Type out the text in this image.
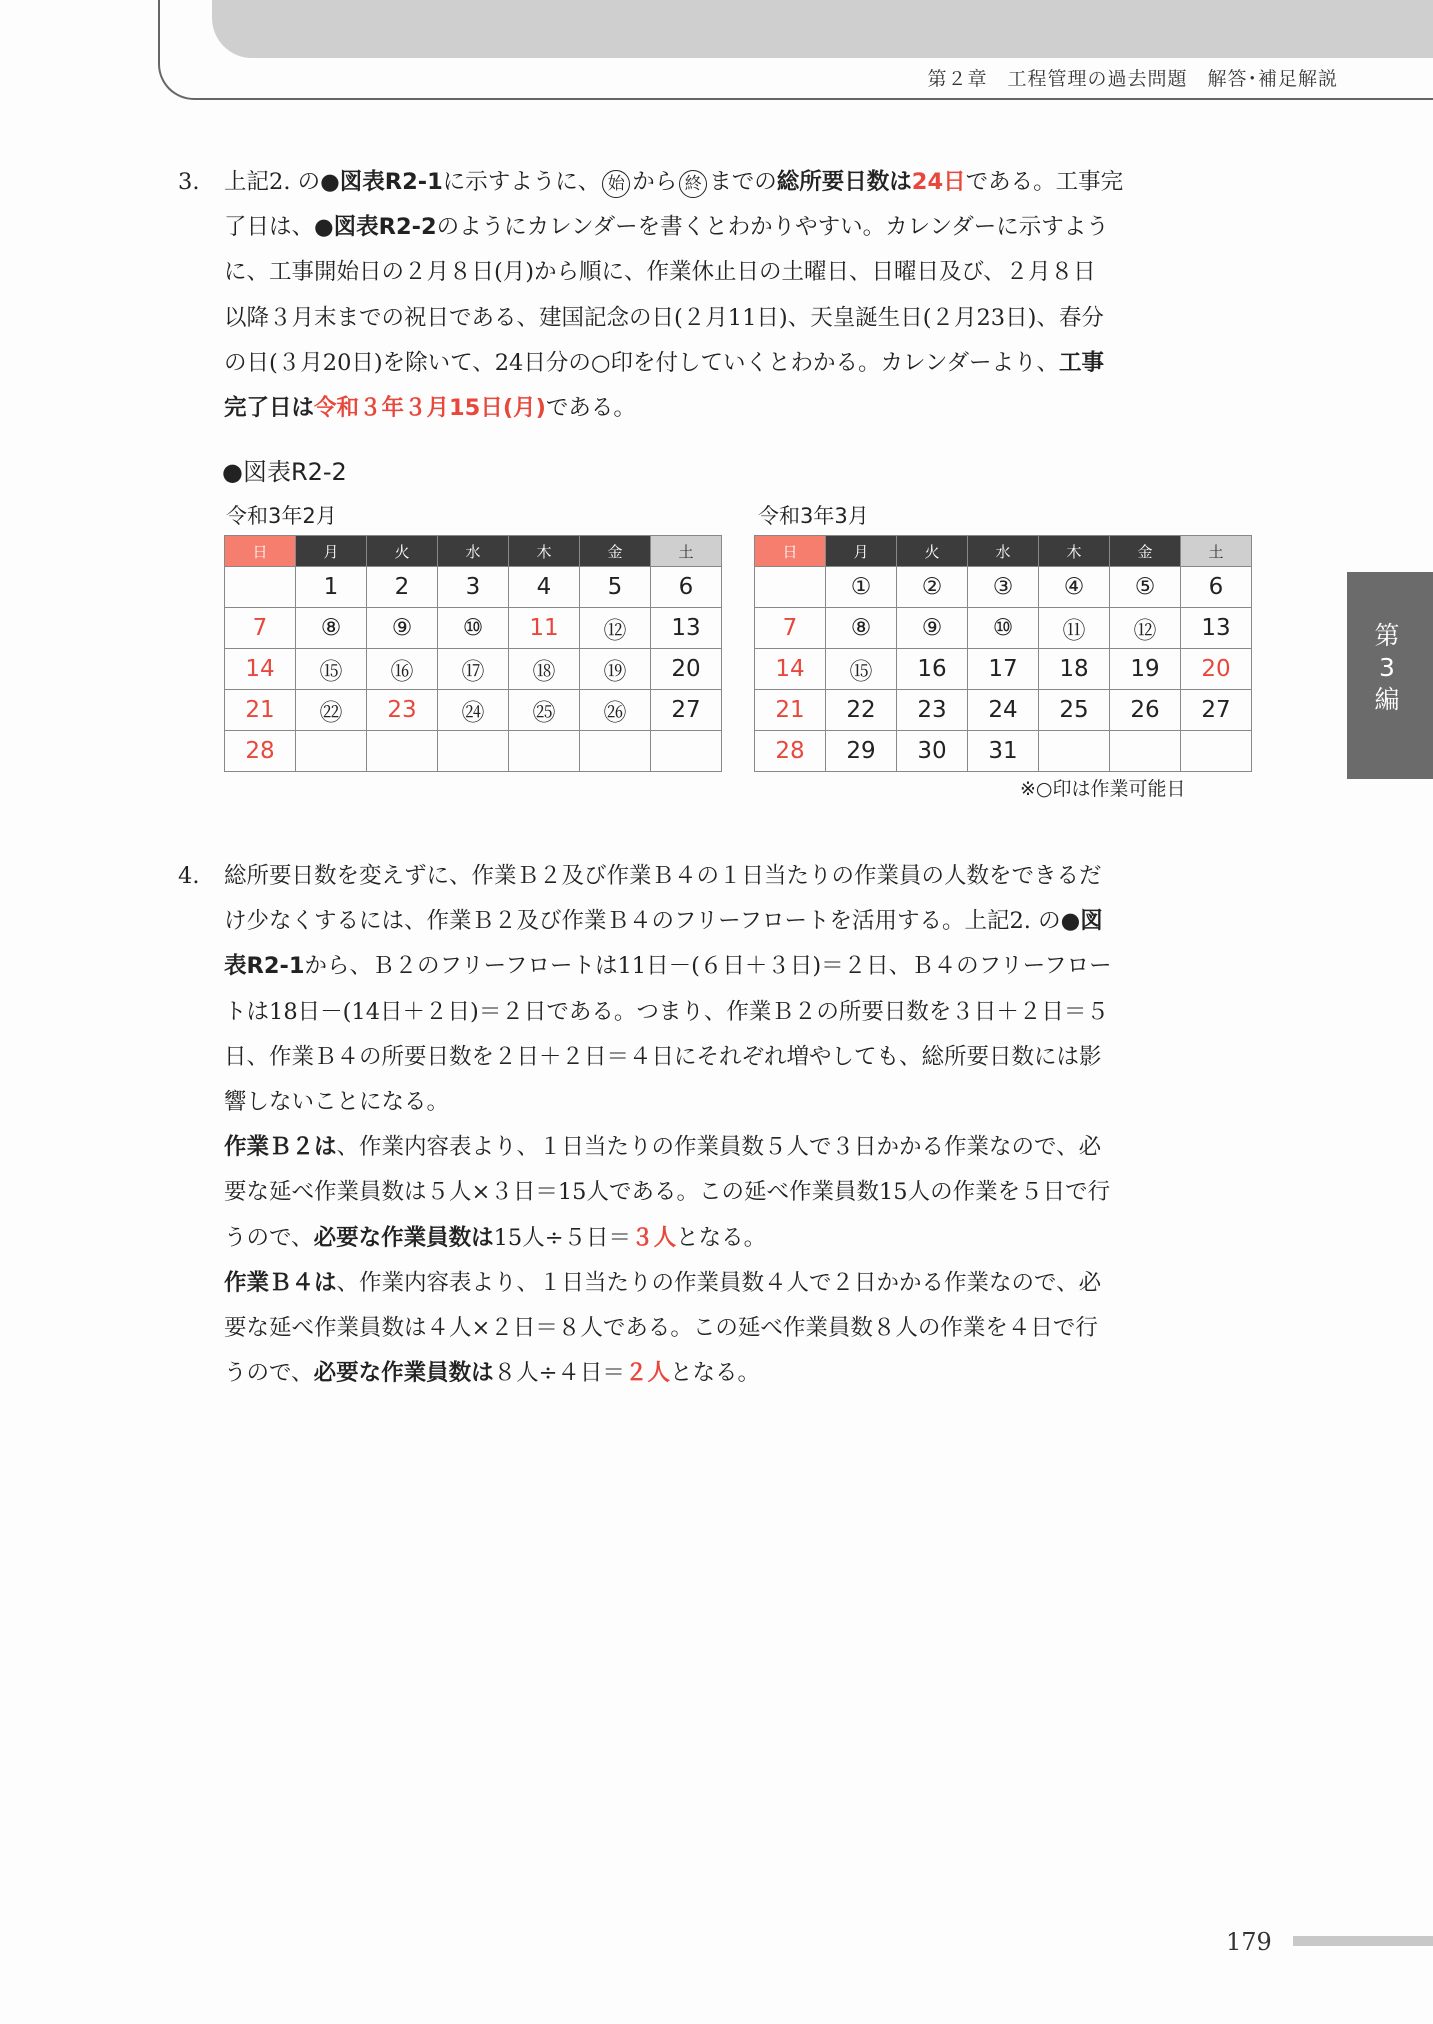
第２章　工程管理の過去問題　解答･補足解説
3. 上記2. の●図表R2-1に示すように、 始 から 終 までの総所要日数は24日である。工事完

了日は、●図表R2-2のようにカレンダーを書くとわかりやすい。カレンダーに示すよう

に、工事開始日の２月８日(月)から順に、作業休止日の土曜日、日曜日及び、２月８日

以降３月末までの祝日である、建国記念の日(２月11日)、天皇誕生日(２月23日)、春分

の日(３月20日)を除いて、24日分の○印を付していくとわかる。カレンダーより、工事

完了日は令和３年３月15日(月)である。

●図表R2-2
令和3年2月	令和3年3月
日	月	火	水	木	金	土
	1	2	3	4	5	6
7	⑧	⑨	⑩	11	⑫	13
14	⑮	⑯	⑰	⑱	⑲	20
21	㉒	23	㉔	㉕	㉖	27
28						
日	月	火	水	木	金	土
	①	②	③	④	⑤	6
7	⑧	⑨	⑩	⑪	⑫	13
14	⑮	16	17	18	19	20
21	22	23	24	25	26	27
28	29	30	31			
※○印は作業可能日
4. 総所要日数を変えずに、作業Ｂ２及び作業Ｂ４の１日当たりの作業員の人数をできるだ

け少なくするには、作業Ｂ２及び作業Ｂ４のフリーフロートを活用する。上記2. の●図

表R2-1から、Ｂ２のフリーフロートは11日－(６日＋３日)＝２日、Ｂ４のフリーフロー

トは18日－(14日＋２日)＝２日である。つまり、作業Ｂ２の所要日数を３日＋２日＝５

日、作業Ｂ４の所要日数を２日＋２日＝４日にそれぞれ増やしても、総所要日数には影

響しないことになる。

作業Ｂ２は、作業内容表より、１日当たりの作業員数５人で３日かかる作業なので、必

要な延べ作業員数は５人×３日＝15人である。この延べ作業員数15人の作業を５日で行

うので、必要な作業員数は15人÷５日＝３人となる。

作業Ｂ４は、作業内容表より、１日当たりの作業員数４人で２日かかる作業なので、必

要な延べ作業員数は４人×２日＝８人である。この延べ作業員数８人の作業を４日で行

うので、必要な作業員数は８人÷４日＝２人となる。

第3編
179
